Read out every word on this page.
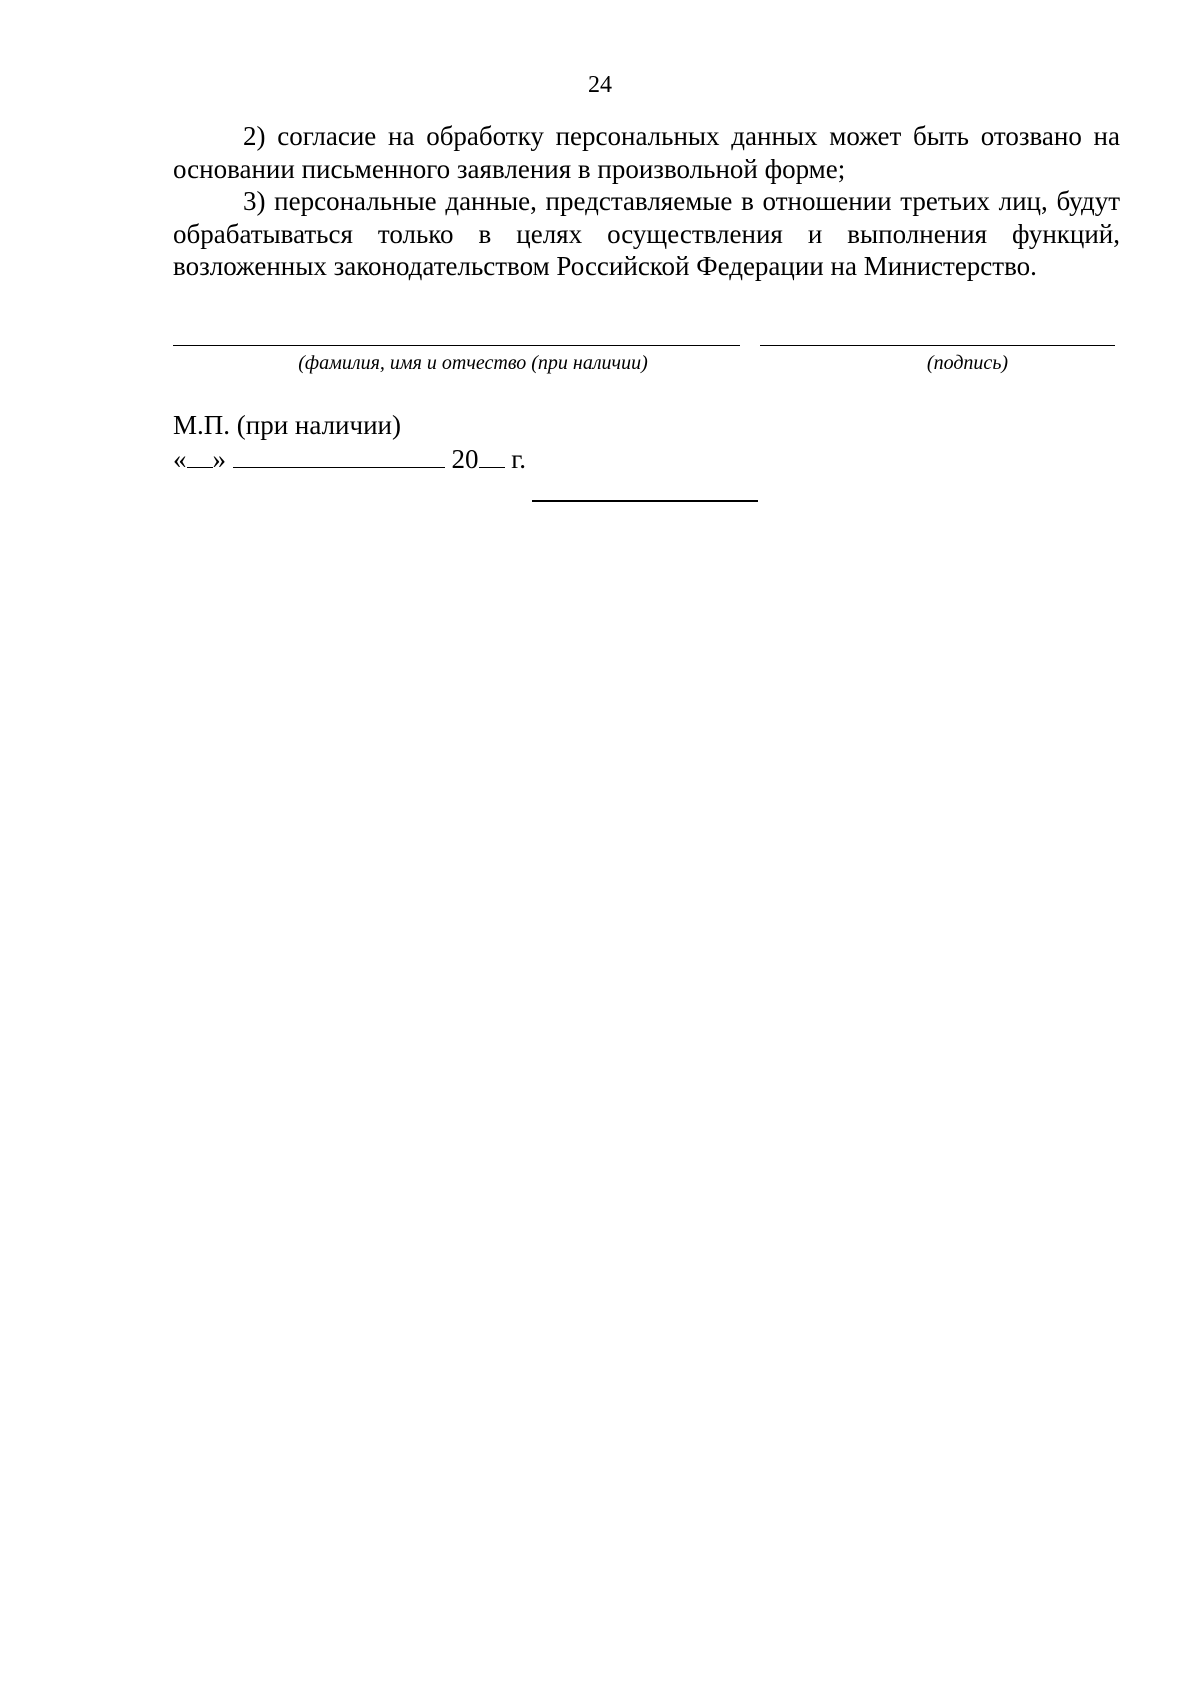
24

2) согласие на обработку персональных данных может быть отозвано на основании письменного заявления в произвольной форме;

3) персональные данные, представляемые в отношении третьих лиц, будут обрабатываться только в целях осуществления и выполнения функций, возложенных законодательством Российской Федерации на Министерство.

(фамилия, имя и отчество (при наличии)	(подпись)
М.П. (при наличии)
« »	20 г.
